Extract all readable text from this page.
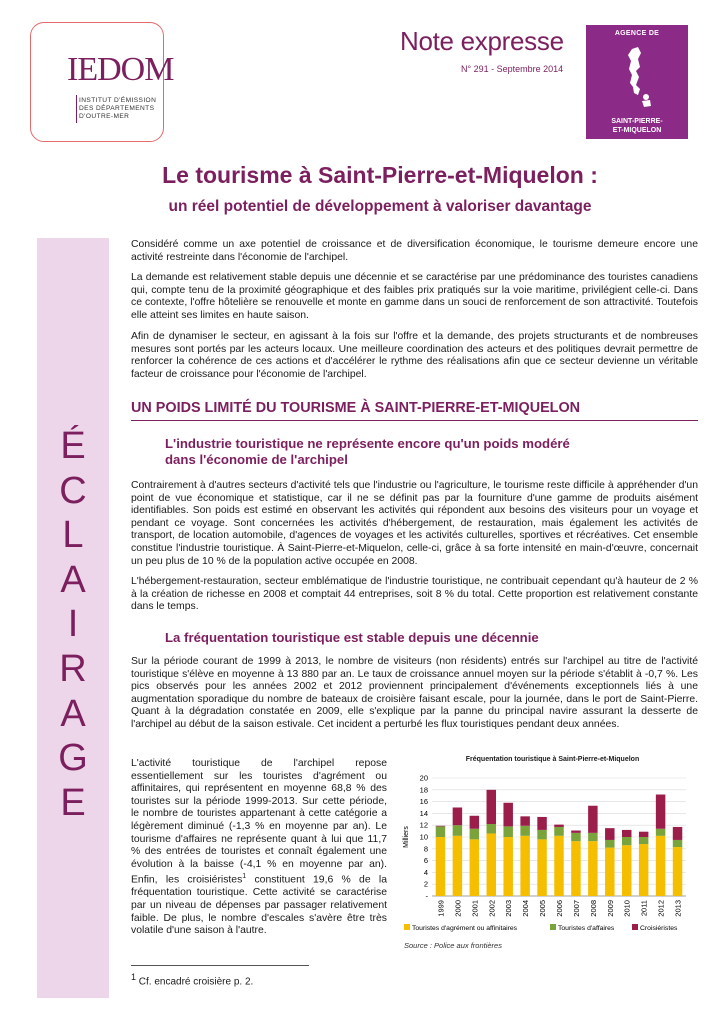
IEDOM
INSTITUT D'ÉMISSION
DES DÉPARTEMENTS
D'OUTRE-MER
Note expresse
N° 291 - Septembre 2014
AGENCE DE
SAINT-PIERRE-
ET-MIQUELON
Le tourisme à Saint-Pierre-et-Miquelon :
un réel potentiel de développement à valoriser davantage
É
C
L
A
I
R
A
G
E
Considéré comme un axe potentiel de croissance et de diversification économique, le tourisme demeure encore une activité restreinte dans l'économie de l'archipel.
La demande est relativement stable depuis une décennie et se caractérise par une prédominance des touristes canadiens qui, compte tenu de la proximité géographique et des faibles prix pratiqués sur la voie maritime, privilégient celle-ci. Dans ce contexte, l'offre hôtelière se renouvelle et monte en gamme dans un souci de renforcement de son attractivité. Toutefois elle atteint ses limites en haute saison.
Afin de dynamiser le secteur, en agissant à la fois sur l'offre et la demande, des projets structurants et de nombreuses mesures sont portés par les acteurs locaux. Une meilleure coordination des acteurs et des politiques devrait permettre de renforcer la cohérence de ces actions et d'accélérer le rythme des réalisations afin que ce secteur devienne un véritable facteur de croissance pour l'économie de l'archipel.
UN POIDS LIMITÉ DU TOURISME À SAINT-PIERRE-ET-MIQUELON
L'industrie touristique ne représente encore qu'un poids modéré
dans l'économie de l'archipel
Contrairement à d'autres secteurs d'activité tels que l'industrie ou l'agriculture, le tourisme reste difficile à appréhender d'un point de vue économique et statistique, car il ne se définit pas par la fourniture d'une gamme de produits aisément identifiables. Son poids est estimé en observant les activités qui répondent aux besoins des visiteurs pour un voyage et pendant ce voyage. Sont concernées les activités d'hébergement, de restauration, mais également les activités de transport, de location automobile, d'agences de voyages et les activités culturelles, sportives et récréatives. Cet ensemble constitue l'industrie touristique. À Saint-Pierre-et-Miquelon, celle-ci, grâce à sa forte intensité en main-d'œuvre, concernait un peu plus de 10 % de la population active occupée en 2008.
L'hébergement-restauration, secteur emblématique de l'industrie touristique, ne contribuait cependant qu'à hauteur de 2 % à la création de richesse en 2008 et comptait 44 entreprises, soit 8 % du total. Cette proportion est relativement constante dans le temps.
La fréquentation touristique est stable depuis une décennie
Sur la période courant de 1999 à 2013, le nombre de visiteurs (non résidents) entrés sur l'archipel au titre de l'activité touristique s'élève en moyenne à 13 880 par an. Le taux de croissance annuel moyen sur la période s'établit à -0,7 %. Les pics observés pour les années 2002 et 2012 proviennent principalement d'événements exceptionnels liés à une augmentation sporadique du nombre de bateaux de croisière faisant escale, pour la journée, dans le port de Saint-Pierre. Quant à la dégradation constatée en 2009, elle s'explique par la panne du principal navire assurant la desserte de l'archipel au début de la saison estivale. Cet incident a perturbé les flux touristiques pendant deux années.
L'activité touristique de l'archipel repose essentiellement sur les touristes d'agrément ou affinitaires, qui représentent en moyenne 68,8 % des touristes sur la période 1999-2013. Sur cette période, le nombre de touristes appartenant à cette catégorie a légèrement diminué (-1,3 % en moyenne par an). Le tourisme d'affaires ne représente quant à lui que 11,7 % des entrées de touristes et connaît également une évolution à la baisse (-4,1 % en moyenne par an). Enfin, les croisiéristes$^1$ constituent 19,6 % de la fréquentation touristique. Cette activité se caractérise par un niveau de dépenses par passager relativement faible. De plus, le nombre d'escales s'avère être très volatile d'une saison à l'autre.
Fréquentation touristique à Saint-Pierre-et-Miquelon
Milliers
-
2
4
6
8
10
12
14
16
18
20
1999 2000 2001 2002 2003 2004 2005 2006 2007 2008 2009 2010 2011 2012 2013
Touristes d'agrément ou affinitaires	Touristes d'affaires	Croisiéristes
Source : Police aux frontières
$^1$ Cf. encadré croisière p. 2.
